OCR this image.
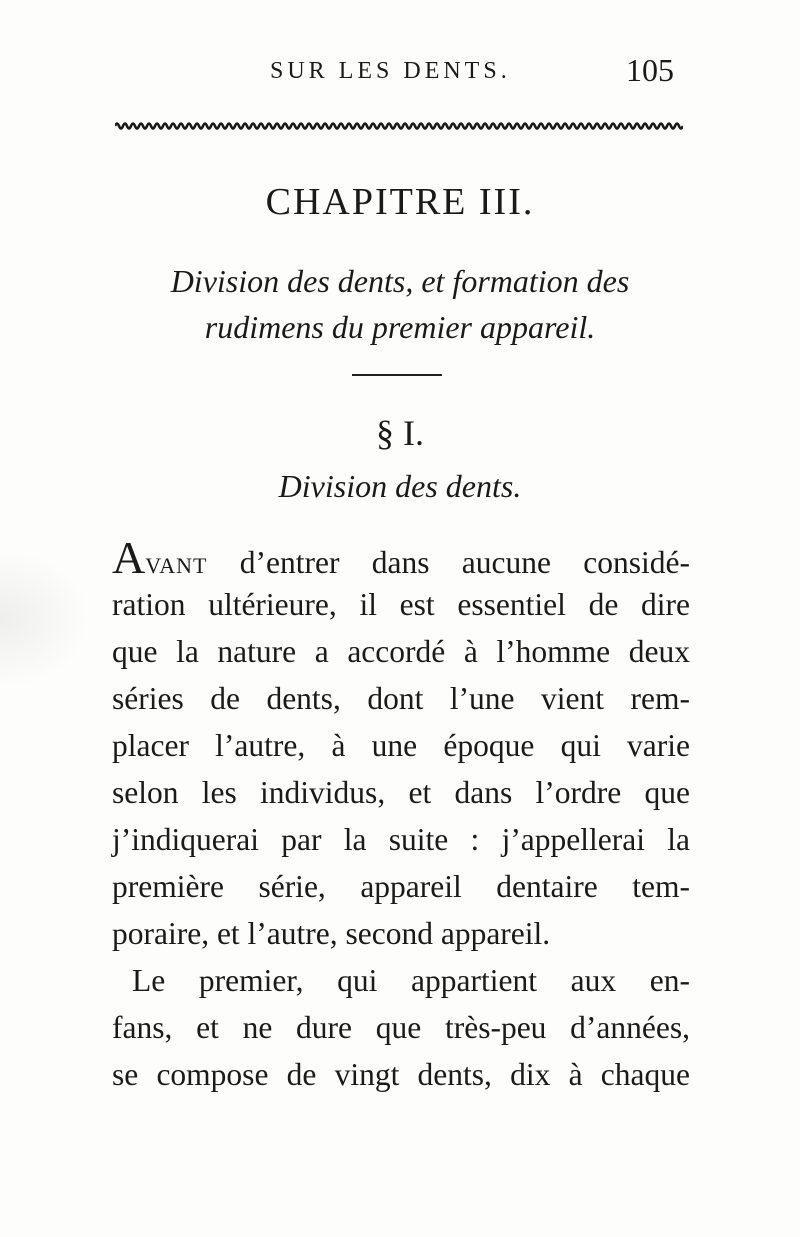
SUR LES DENTS.	105
CHAPITRE III.
Division des dents, et formation des
rudimens du premier appareil.
§ I.
Division des dents.
Avant d’entrer dans aucune considé-
ration ultérieure, il est essentiel de dire
que la nature a accordé à l’homme deux
séries de dents, dont l’une vient rem-
placer l’autre, à une époque qui varie
selon les individus, et dans l’ordre que
j’indiquerai par la suite : j’appellerai la
première série, appareil dentaire tem-
poraire, et l’autre, second appareil.
Le premier, qui appartient aux en-
fans, et ne dure que très-peu d’années,
se compose de vingt dents, dix à chaque
